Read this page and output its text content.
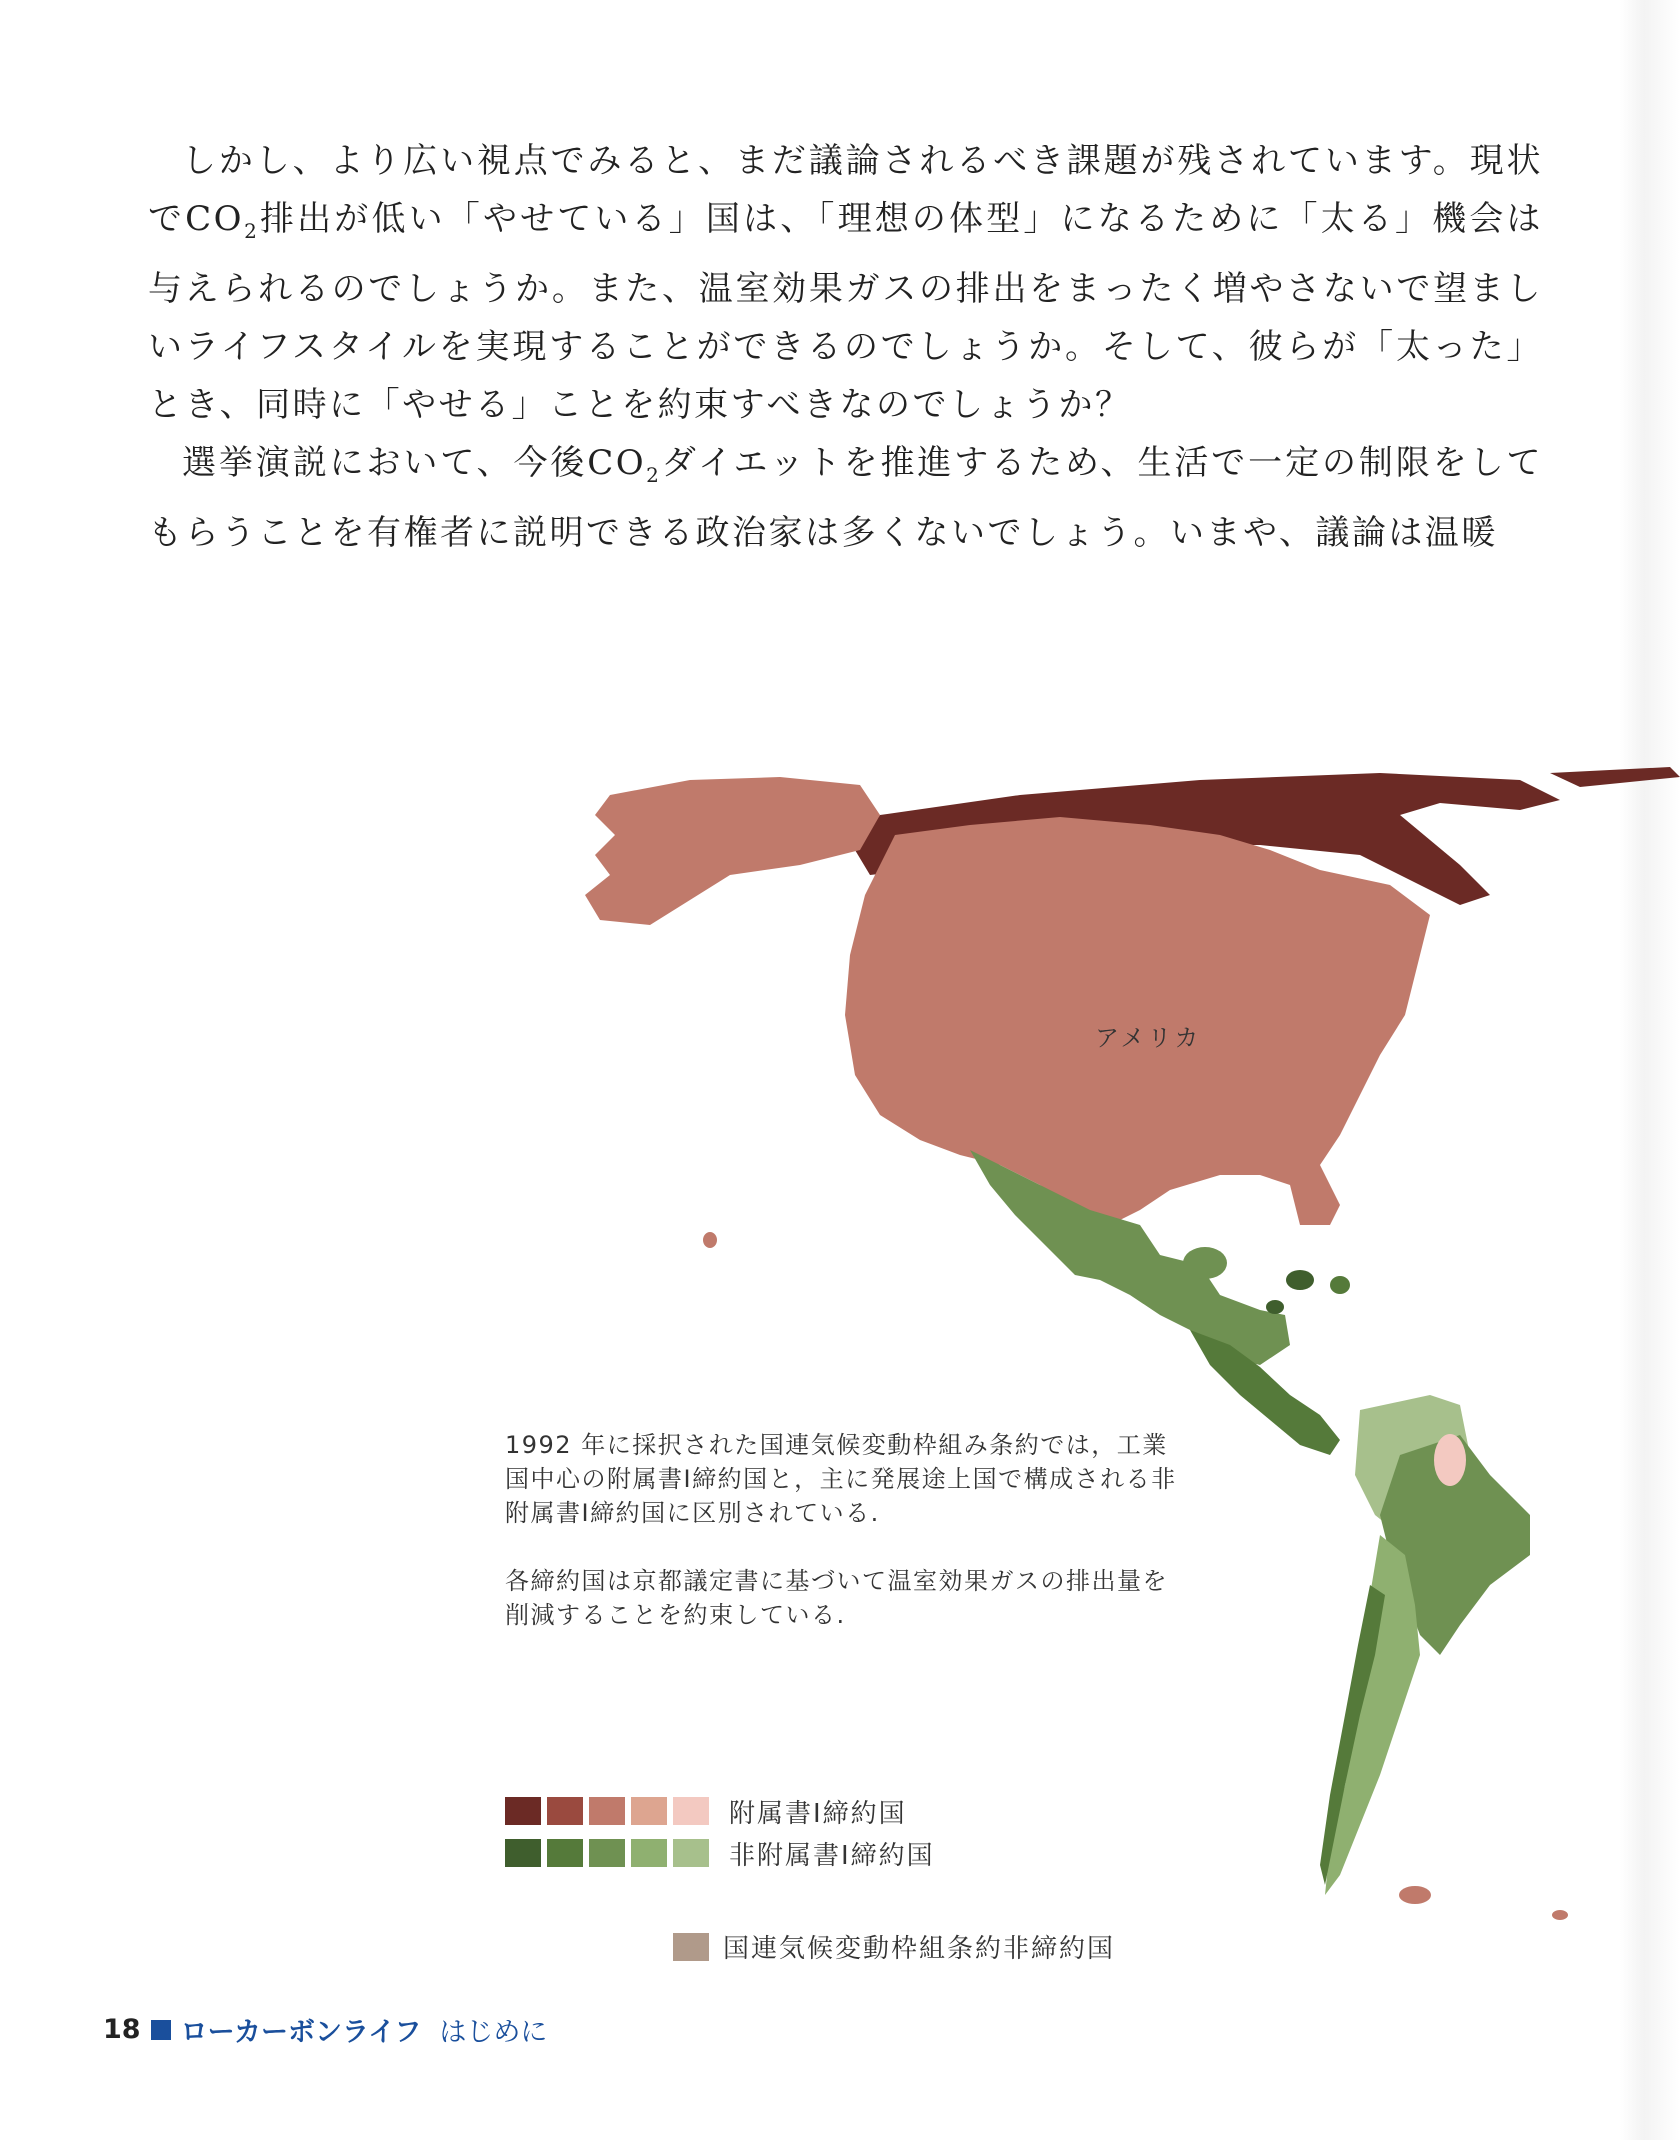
しかし、より広い視点でみると、まだ議論されるべき課題が残されています。現状で$CO_2$排出が低い「やせている」国は、「理想の体型」になるために「太る」機会は与えられるのでしょうか。また、温室効果ガスの排出をまったく増やさないで望ましいライフスタイルを実現することができるのでしょうか。そして、彼らが「太った」とき、同時に「やせる」ことを約束すべきなのでしょうか？

選挙演説において、今後$CO_2$ダイエットを推進するため、生活で一定の制限をしてもらうことを有権者に説明できる政治家は多くないでしょう。いまや、議論は温暖

アメリカ

1992 年に採択された国連気候変動枠組み条約では，工業国中心の附属書Ⅰ締約国と，主に発展途上国で構成される非附属書Ⅰ締約国に区別されている.

各締約国は京都議定書に基づいて温室効果ガスの排出量を削減することを約束している.

附属書Ⅰ締約国
非附属書Ⅰ締約国
国連気候変動枠組条約非締約国
18 ローカーボンライフ はじめに
